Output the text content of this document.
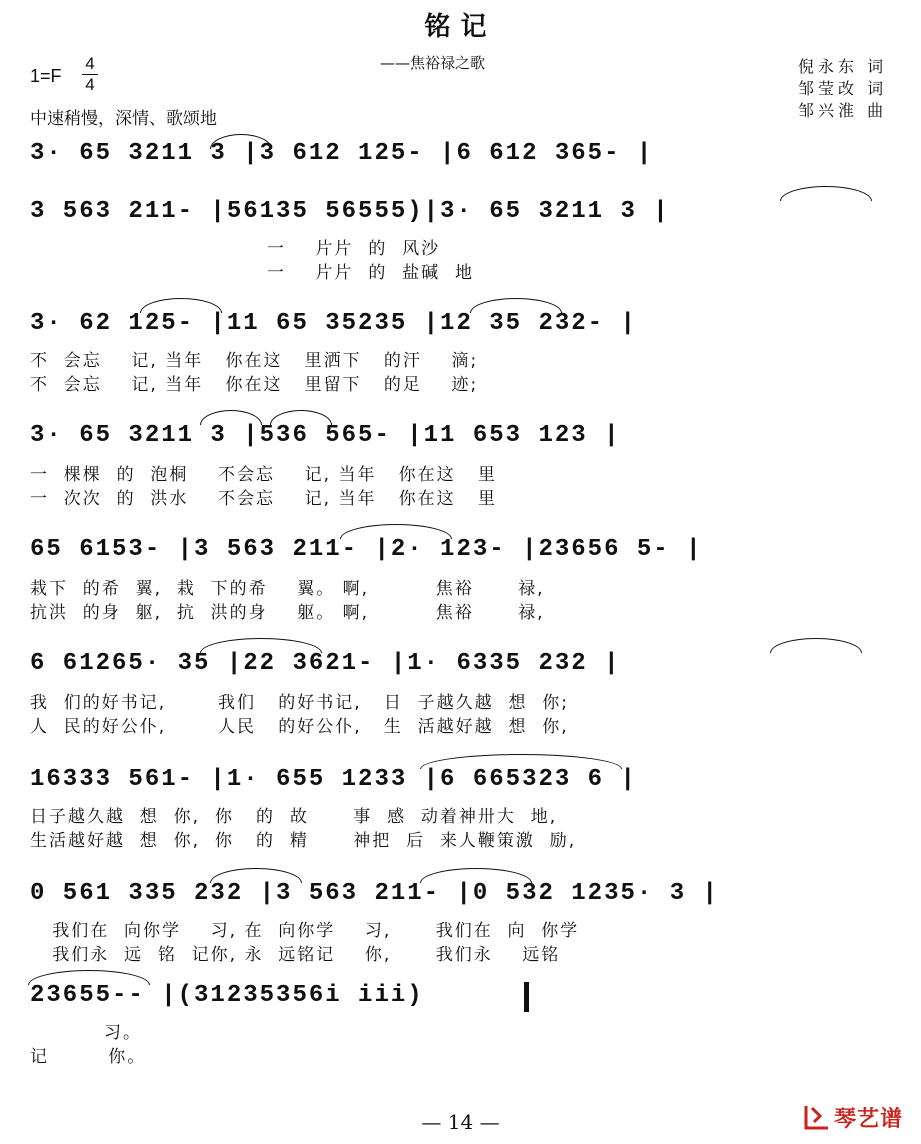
铭记
——焦裕禄之歌
1=F
4
4
中速稍慢，深情、歌颂地
倪永东 词
邹莹改 词
邹兴淮 曲
3· 65 3211 3 |3 612 125- |6 612 365- |
3 563 211- |56135 56555)|3· 65 3211 3 |
一    片片  的  风沙
一    片片  的  盐碱  地
3· 62 125- |11 65 35235 |12 35 232- |
不  会忘    记, 当年   你在这   里洒下   的汗    滴;
不  会忘    记, 当年   你在这   里留下   的足    迹;
3· 65 3211 3 |536 565- |11 653 123 |
一  棵棵  的  泡桐    不会忘    记, 当年   你在这   里
一  次次  的  洪水    不会忘    记, 当年   你在这   里
65 6153- |3 563 211- |2· 123- |23656 5- |
栽下  的希  翼,  栽  下的希    翼。 啊,         焦裕      禄,
抗洪  的身  躯,  抗  洪的身    躯。 啊,         焦裕      禄,
6 61265· 35 |22 3621- |1· 6335 232 |
我  们的好书记,       我们   的好书记,   日  子越久越  想  你;
人  民的好公仆,       人民   的好公仆,   生  活越好越  想  你,
16333 561- |1· 655 1233 |6 665323 6 |
日子越久越  想  你,  你   的  故      事  感  动着神卅大  地,
生活越好越  想  你,  你   的  精      神把  后  来人鞭策激  励,
0 561 335 232 |3 563 211- |0 532 1235· 3 |
我们在  向你学    习, 在  向你学    习,      我们在  向  你学
我们永  远  铭  记你, 永  远铭记    你,      我们永    远铭
23655-- |(31235356i iii)
习。
记        你。
— 14 —	琴艺谱
